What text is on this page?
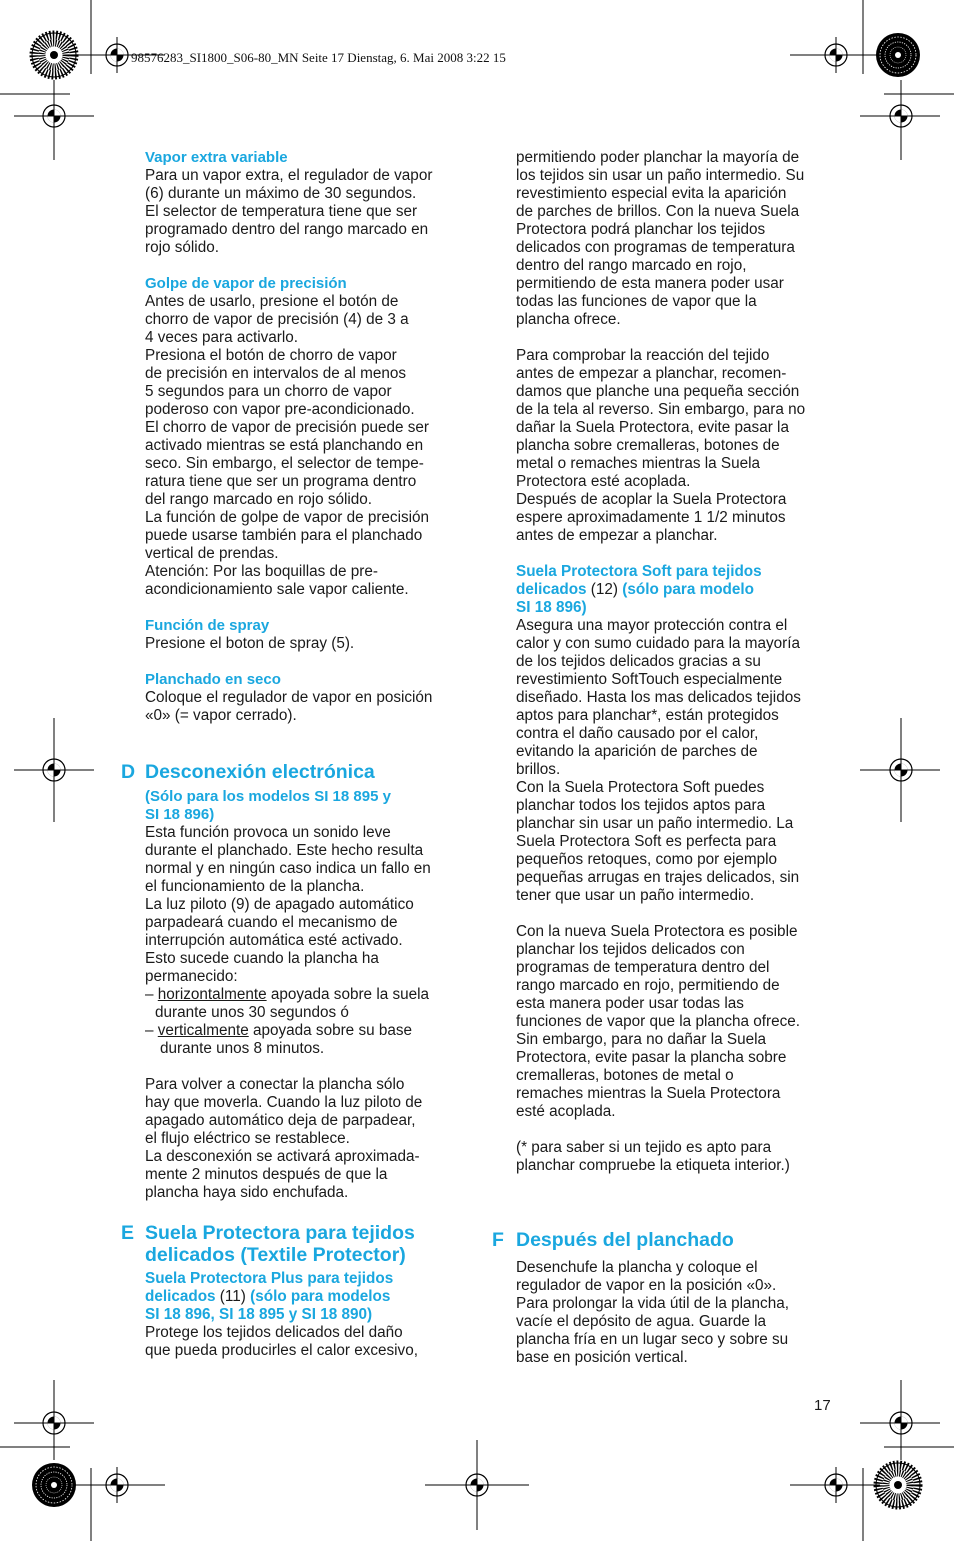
98576283_SI1800_S06-80_MN Seite 17 Dienstag, 6. Mai 2008 3:22 15

Vapor extra variable

Para un vapor extra, el regulador de vapor
(6) durante un máximo de 30 segundos.
El selector de temperatura tiene que ser
programado dentro del rango marcado en
rojo sólido.

Golpe de vapor de precisión

Antes de usarlo, presione el botón de
chorro de vapor de precisión (4) de 3 a
4 veces para activarlo.
Presiona el botón de chorro de vapor
de precisión en intervalos de al menos
5 segundos para un chorro de vapor
poderoso con vapor pre-acondicionado.
El chorro de vapor de precisión puede ser
activado mientras se está planchando en
seco. Sin embargo, el selector de tempe-
ratura tiene que ser un programa dentro
del rango marcado en rojo sólido.
La función de golpe de vapor de precisión
puede usarse también para el planchado
vertical de prendas.
Atención: Por las boquillas de pre-
acondicionamiento sale vapor caliente.

Función de spray

Presione el boton de spray (5).

Planchado en seco

Coloque el regulador de vapor en posición
«0» (= vapor cerrado).
D Desconexión electrónica
(Sólo para los modelos SI 18 895 y
SI 18 896)
Esta función provoca un sonido leve
durante el planchado. Este hecho resulta
normal y en ningún caso indica un fallo en
el funcionamiento de la plancha.
La luz piloto (9) de apagado automático
parpadeará cuando el mecanismo de
interrupción automática esté activado.
Esto sucede cuando la plancha ha
permanecido:
– horizontalmente apoyada sobre la suela
durante unos 30 segundos ó
– verticalmente apoyada sobre su base
durante unos 8 minutos.
Para volver a conectar la plancha sólo
hay que moverla. Cuando la luz piloto de
apagado automático deja de parpadear,
el flujo eléctrico se restablece.
La desconexión se activará aproximada-
mente 2 minutos después de que la
plancha haya sido enchufada.
E Suela Protectora para tejidos
delicados (Textile Protector)
Suela Protectora Plus para tejidos
delicados (11) (sólo para modelos
SI 18 896, SI 18 895 y SI 18 890)
Protege los tejidos delicados del daño
que pueda producirles el calor excesivo,
permitiendo poder planchar la mayoría de
los tejidos sin usar un paño intermedio. Su
revestimiento especial evita la aparición
de parches de brillos. Con la nueva Suela
Protectora podrá planchar los tejidos
delicados con programas de temperatura
dentro del rango marcado en rojo,
permitiendo de esta manera poder usar
todas las funciones de vapor que la
plancha ofrece.
Para comprobar la reacción del tejido
antes de empezar a planchar, recomen-
damos que planche una pequeña sección
de la tela al reverso. Sin embargo, para no
dañar la Suela Protectora, evite pasar la
plancha sobre cremalleras, botones de
metal o remaches mientras la Suela
Protectora esté acoplada.
Después de acoplar la Suela Protectora
espere aproximadamente 1 1/2 minutos
antes de empezar a planchar.
Suela Protectora Soft para tejidos
delicados (12) (sólo para modelo
SI 18 896)
Asegura una mayor protección contra el
calor y con sumo cuidado para la mayoría
de los tejidos delicados gracias a su
revestimiento SoftTouch especialmente
diseñado. Hasta los mas delicados tejidos
aptos para planchar*, están protegidos
contra el daño causado por el calor,
evitando la aparición de parches de
brillos.
Con la Suela Protectora Soft puedes
planchar todos los tejidos aptos para
planchar sin usar un paño intermedio. La
Suela Protectora Soft es perfecta para
pequeños retoques, como por ejemplo
pequeñas arrugas en trajes delicados, sin
tener que usar un paño intermedio.
Con la nueva Suela Protectora es posible
planchar los tejidos delicados con
programas de temperatura dentro del
rango marcado en rojo, permitiendo de
esta manera poder usar todas las
funciones de vapor que la plancha ofrece.
Sin embargo, para no dañar la Suela
Protectora, evite pasar la plancha sobre
cremalleras, botones de metal o
remaches mientras la Suela Protectora
esté acoplada.
(* para saber si un tejido es apto para
planchar compruebe la etiqueta interior.)
F Después del planchado
Desenchufe la plancha y coloque el
regulador de vapor en la posición «0».
Para prolongar la vida útil de la plancha,
vacíe el depósito de agua. Guarde la
plancha fría en un lugar seco y sobre su
base en posición vertical.
17
